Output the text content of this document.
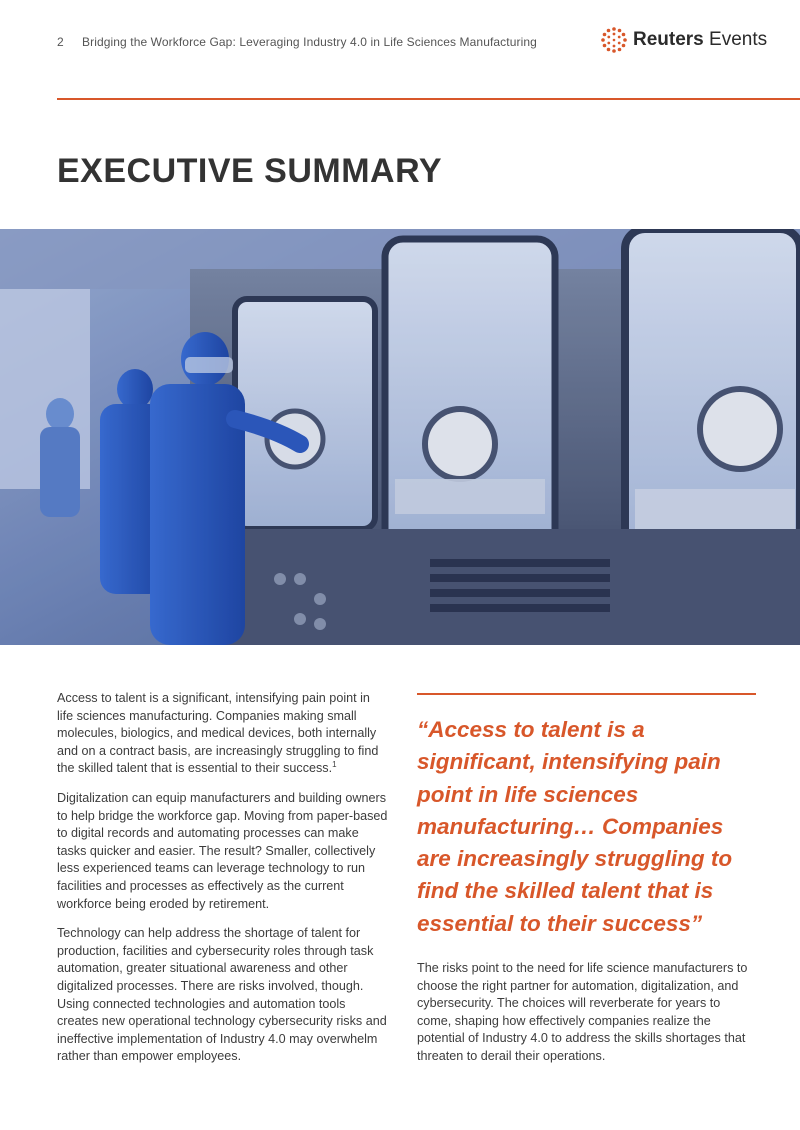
2 Bridging the Workforce Gap: Leveraging Industry 4.0 in Life Sciences Manufacturing	Reuters Events
EXECUTIVE SUMMARY

Access to talent is a significant, intensifying pain point in life sciences manufacturing. Companies making small molecules, biologics, and medical devices, both internally and on a contract basis, are increasingly struggling to find the skilled talent that is essential to their success.$^1$

Digitalization can equip manufacturers and building owners to help bridge the workforce gap. Moving from paper-based to digital records and automating processes can make tasks quicker and easier. The result? Smaller, collectively less experienced teams can leverage technology to run facilities and processes as effectively as the current workforce being eroded by retirement.

Technology can help address the shortage of talent for production, facilities and cybersecurity roles through task automation, greater situational awareness and other digitalized processes. There are risks involved, though. Using connected technologies and automation tools creates new operational technology cybersecurity risks and ineffective implementation of Industry 4.0 may overwhelm rather than empower employees.

“Access to talent is a significant, intensifying pain point in life sciences manufacturing… Companies are increasingly struggling to find the skilled talent that is essential to their success”

The risks point to the need for life science manufacturers to choose the right partner for automation, digitalization, and cybersecurity. The choices will reverberate for years to come, shaping how effectively companies realize the potential of Industry 4.0 to address the skills shortages that threaten to derail their operations.
